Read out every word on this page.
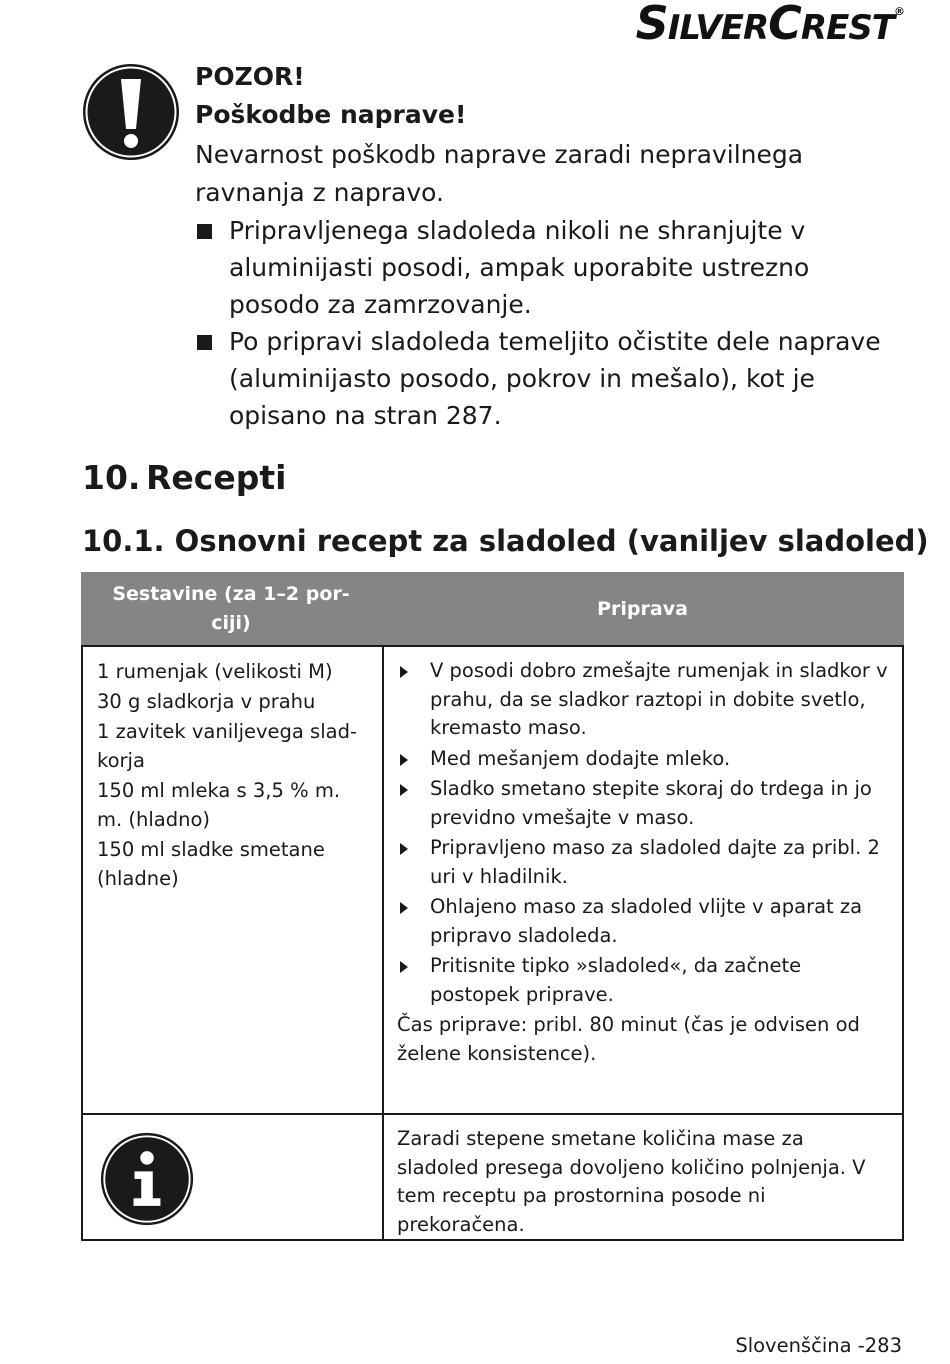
SILVERCREST®
POZOR!
Poškodbe naprave!

Nevarnost poškodb naprave zaradi nepravilnega ravnanja z napravo.

Pripravljenega sladoleda nikoli ne shranjujte v aluminijasti posodi, ampak uporabite ustrezno posodo za zamrzovanje.
Po pripravi sladoleda temeljito očistite dele naprave (aluminijasto posodo, pokrov in mešalo), kot je opisano na stran 287.
10. Recepti
10.1. Osnovni recept za sladoled (vaniljev sladoled)
Sestavine (za 1–2 porciji)
Priprava
1 rumenjak (velikosti M)
30 g sladkorja v prahu
1 zavitek vaniljevega sladkorja
150 ml mleka s 3,5 % m. m. (hladno)
150 ml sladke smetane (hladne)
V posodi dobro zmešajte rumenjak in sladkor v prahu, da se sladkor raztopi in dobite svetlo, kremasto maso.
Med mešanjem dodajte mleko.
Sladko smetano stepite skoraj do trdega in jo previdno vmešajte v maso.
Pripravljeno maso za sladoled dajte za pribl. 2 uri v hladilnik.
Ohlajeno maso za sladoled vlijte v aparat za pripravo sladoleda.
Pritisnite tipko »sladoled«, da začnete postopek priprave.
Čas priprave: pribl. 80 minut (čas je odvisen od želene konsistence).
Zaradi stepene smetane količina mase za sladoled presega dovoljeno količino polnjenja. V tem receptu pa prostornina posode ni prekoračena.
Slovenščina -283
